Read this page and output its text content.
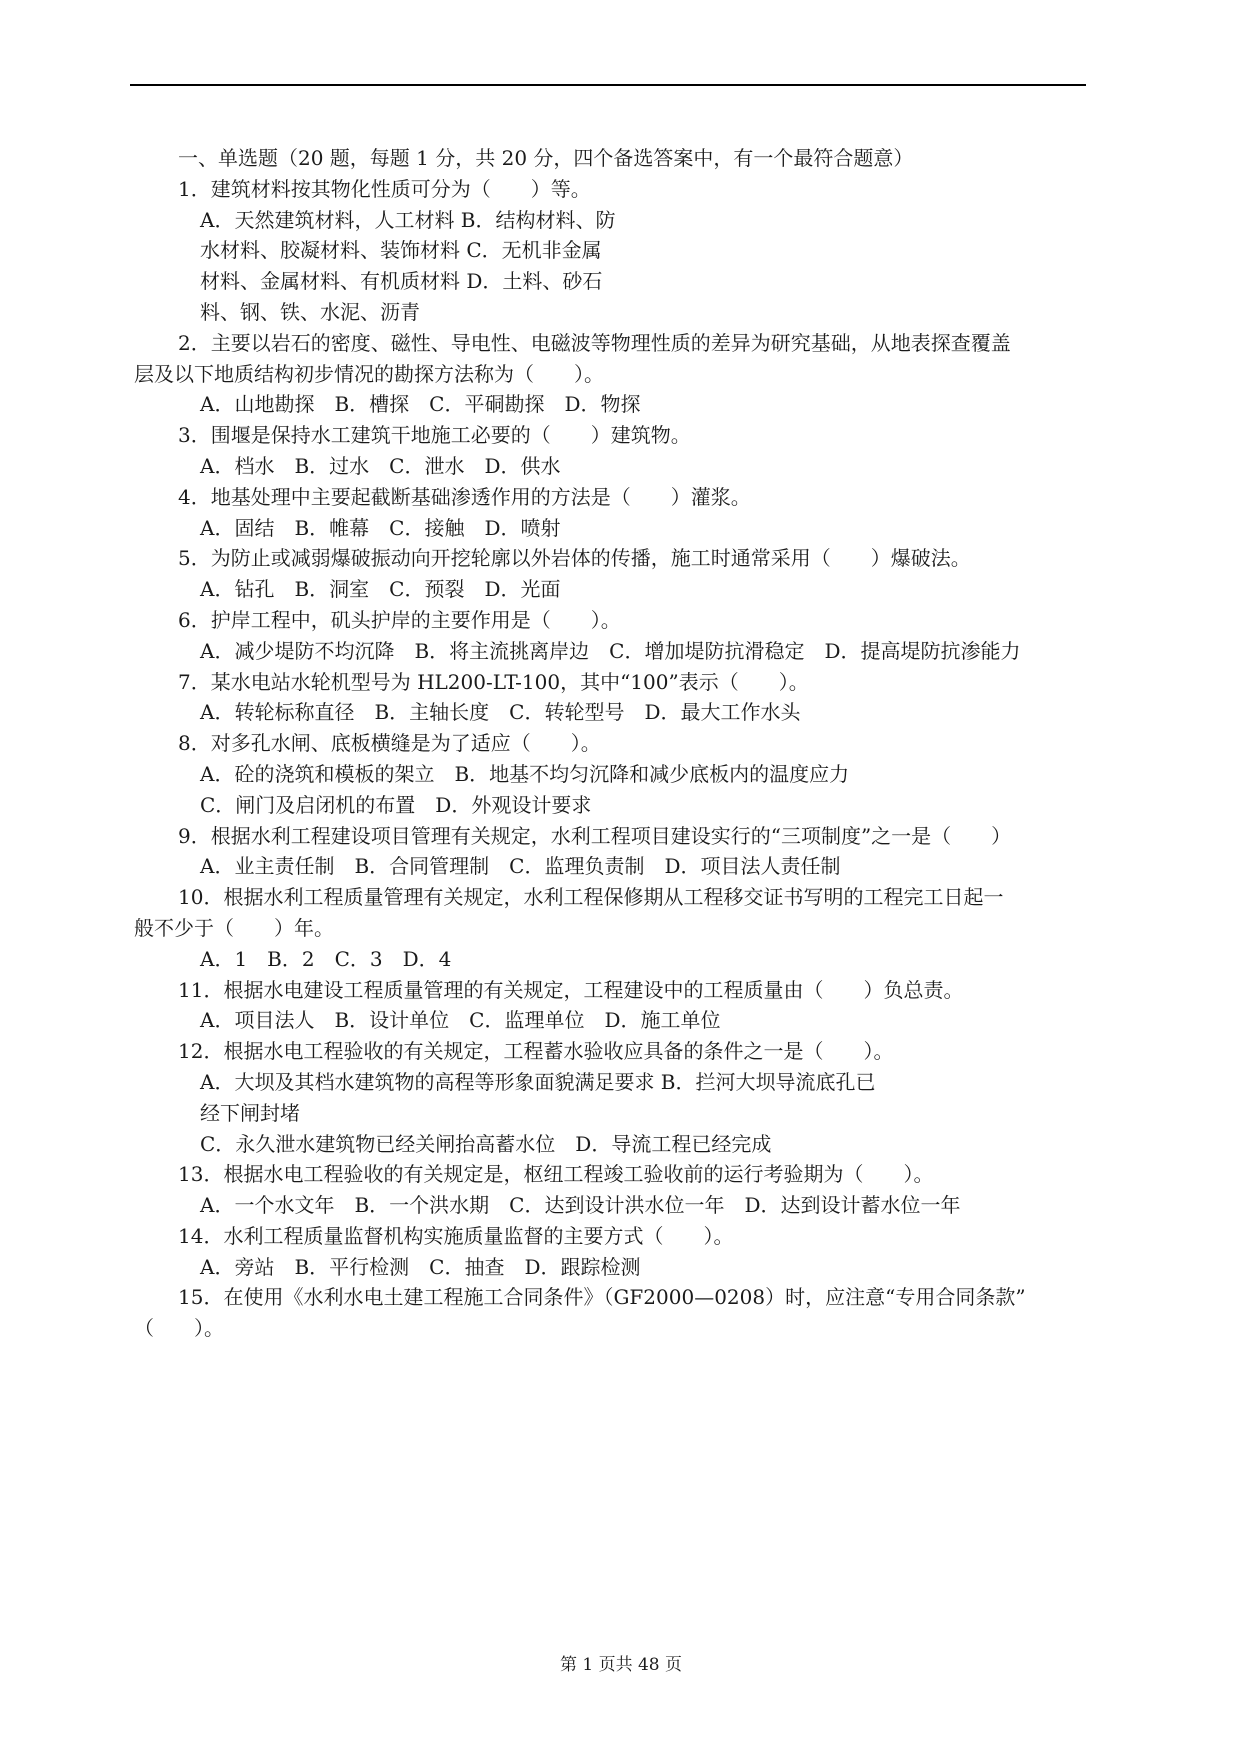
一、单选题（20 题，每题 1 分，共 20 分，四个备选答案中，有一个最符合题意）
1．建筑材料按其物化性质可分为（　　）等。
A．天然建筑材料，人工材料 B．结构材料、防
水材料、胶凝材料、装饰材料 C．无机非金属
材料、金属材料、有机质材料 D．土料、砂石
料、钢、铁、水泥、沥青
2．主要以岩石的密度、磁性、导电性、电磁波等物理性质的差异为研究基础，从地表探查覆盖
层及以下地质结构初步情况的勘探方法称为（　　）。
A．山地勘探　B．槽探　C．平硐勘探　D．物探
3．围堰是保持水工建筑干地施工必要的（　　）建筑物。
A．档水　B．过水　C．泄水　D．供水
4．地基处理中主要起截断基础渗透作用的方法是（　　）灌浆。
A．固结　B．帷幕　C．接触　D．喷射
5．为防止或减弱爆破振动向开挖轮廓以外岩体的传播，施工时通常采用（　　）爆破法。
A．钻孔　B．洞室　C．预裂　D．光面
6．护岸工程中，矶头护岸的主要作用是（　　）。
A．减少堤防不均沉降　B．将主流挑离岸边　C．增加堤防抗滑稳定　D．提高堤防抗渗能力
7．某水电站水轮机型号为 HL200-LT-100，其中“100”表示（　　）。
A．转轮标称直径　B．主轴长度　C．转轮型号　D．最大工作水头
8．对多孔水闸、底板横缝是为了适应（　　）。
A．砼的浇筑和模板的架立　B．地基不均匀沉降和减少底板内的温度应力
C．闸门及启闭机的布置　D．外观设计要求
9．根据水利工程建设项目管理有关规定，水利工程项目建设实行的“三项制度”之一是（　　）
A．业主责任制　B．合同管理制　C．监理负责制　D．项目法人责任制
10．根据水利工程质量管理有关规定，水利工程保修期从工程移交证书写明的工程完工日起一
般不少于（　　）年。
A．1　B．2　C．3　D．4
11．根据水电建设工程质量管理的有关规定，工程建设中的工程质量由（　　）负总责。
A．项目法人　B．设计单位　C．监理单位　D．施工单位
12．根据水电工程验收的有关规定，工程蓄水验收应具备的条件之一是（　　）。
A．大坝及其档水建筑物的高程等形象面貌满足要求 B．拦河大坝导流底孔已
经下闸封堵
C．永久泄水建筑物已经关闸抬高蓄水位　D．导流工程已经完成
13．根据水电工程验收的有关规定是，枢纽工程竣工验收前的运行考验期为（　　）。
A．一个水文年　B．一个洪水期　C．达到设计洪水位一年　D．达到设计蓄水位一年
14．水利工程质量监督机构实施质量监督的主要方式（　　）。
A．旁站　B．平行检测　C．抽查　D．跟踪检测
15．在使用《水利水电土建工程施工合同条件》（GF2000—0208）时，应注意“专用合同条款”
（　　）。
第 1 页共 48 页
